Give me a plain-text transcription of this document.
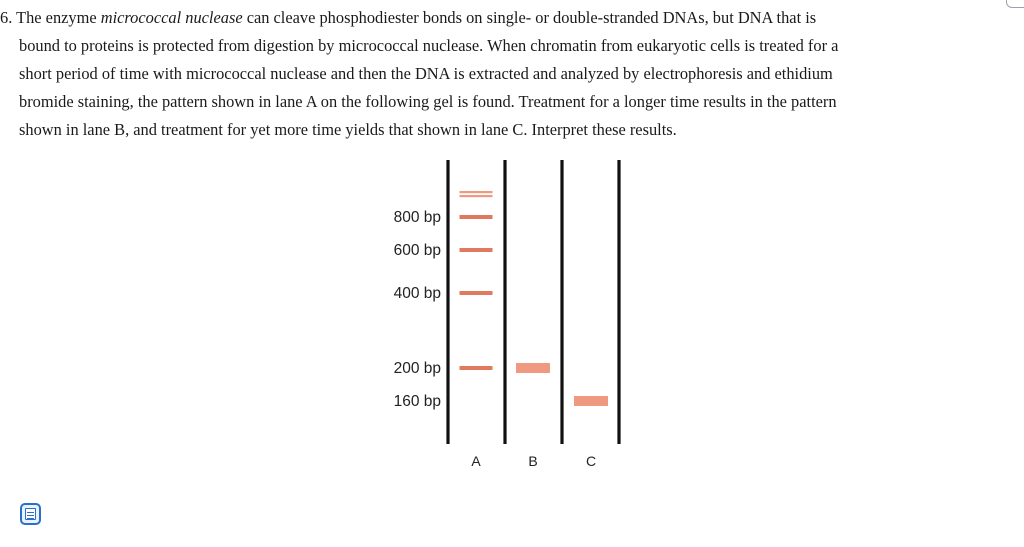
6. The enzyme micrococcal nuclease can cleave phosphodiester bonds on single- or double-stranded DNAs, but DNA that is
bound to proteins is protected from digestion by micrococcal nuclease. When chromatin from eukaryotic cells is treated for a
short period of time with micrococcal nuclease and then the DNA is extracted and analyzed by electrophoresis and ethidium
bromide staining, the pattern shown in lane A on the following gel is found. Treatment for a longer time results in the pattern
shown in lane B, and treatment for yet more time yields that shown in lane C. Interpret these results.
800 bp
600 bp
400 bp
200 bp
160 bp
A	B	C
